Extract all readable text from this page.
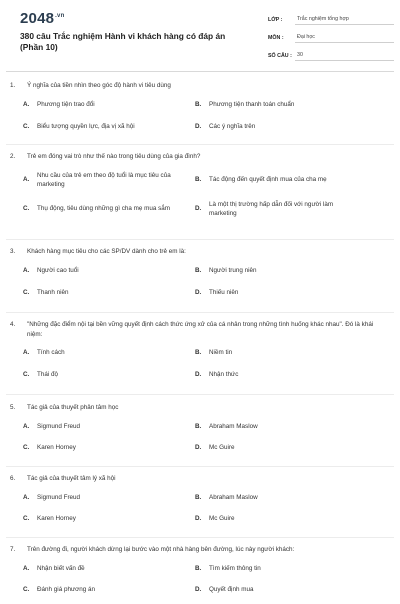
$2048^{.vn}$
380 câu Trắc nghiệm Hành vi khách hàng có đáp án (Phần 10)
LỚP :	Trắc nghiệm tổng hợp
MÔN :	Đại học
SỐ CÂU : 30
1.	Ý nghĩa của tiền nhìn theo góc độ hành vi tiêu dùng
A.	Phương tiện trao đổi	B.	Phương tiện thanh toán chuẩn
C.	Biểu tượng quyền lực, địa vị xã hội	D.	Các ý nghĩa trên
2.	Trẻ em đóng vai trò như thế nào trong tiêu dùng của gia đình?
A.
Nhu cầu của trẻ em theo độ tuổi là mục tiêu của marketing
B.	Tác động đến quyết định mua của cha mẹ
C.	Thụ động, tiêu dùng những gì cha mẹ mua sắm	D.
Là một thị trường hấp dẫn đối với người làm marketing
3.	Khách hàng mục tiêu cho các SP/DV dành cho trẻ em là:
A.	Người cao tuổi	B.	Người trung niên
C.	Thanh niên	D.	Thiếu niên
4.	"Những đặc điểm nội tại bền vững quyết định cách thức ứng xử của cá nhân trong những tình huống khác nhau". Đó là khái niệm:
A.	Tính cách	B.	Niềm tin
C.	Thái độ	D.	Nhận thức
5.	Tác giả của thuyết phân tâm học
A.	Sigmund Freud	B.	Abraham Maslow
C.	Karen Horney	D.	Mc Guire
6.	Tác giả của thuyết tâm lý xã hội
A.	Sigmund Freud	B.	Abraham Maslow
C.	Karen Horney	D.	Mc Guire
7.	Trên đường đi, người khách dừng lại bước vào một nhà hàng bên đường, lúc này người khách:
A.	Nhận biết vấn đề	B.	Tìm kiếm thông tin
C.	Đánh giá phương án	D.	Quyết định mua
